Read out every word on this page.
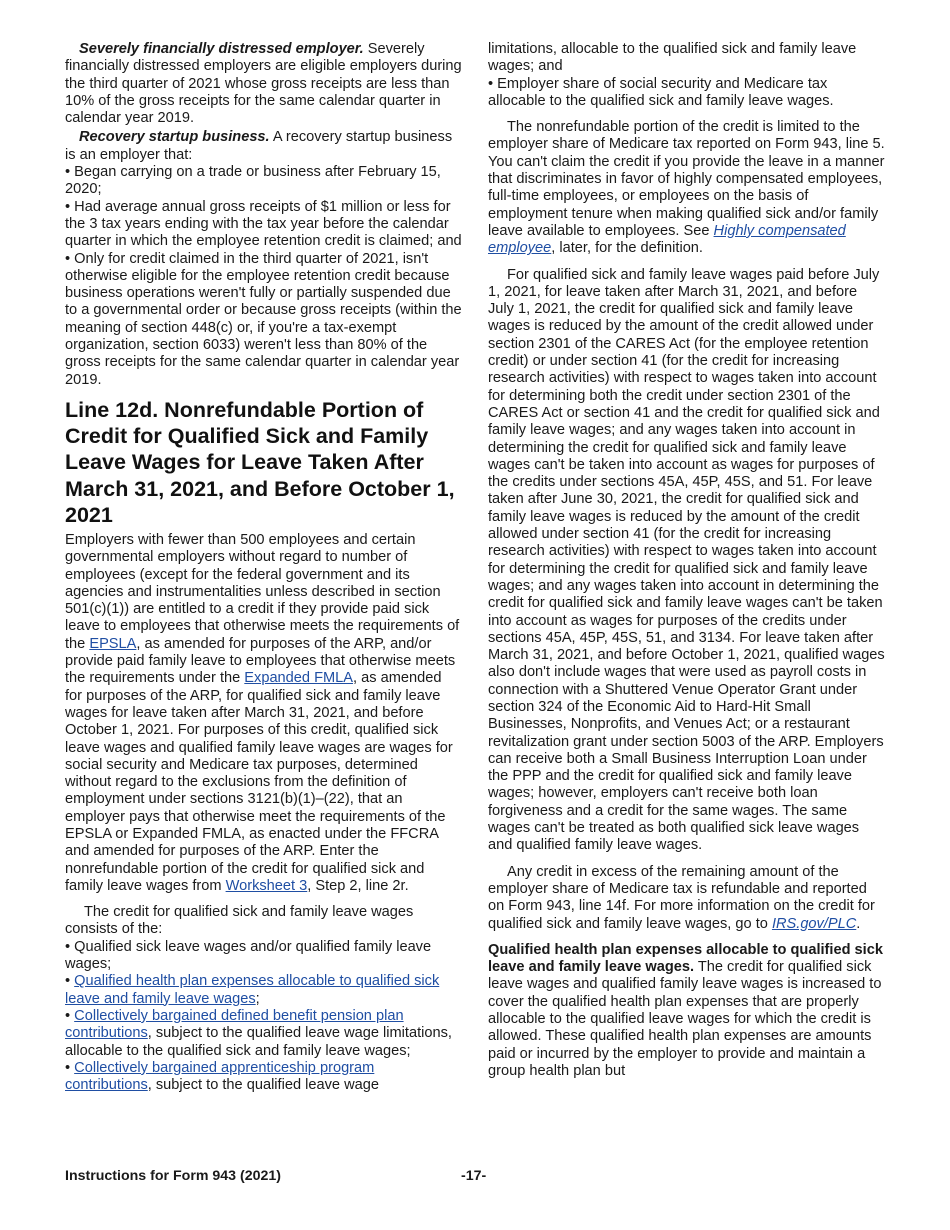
Severely financially distressed employer. Severely financially distressed employers are eligible employers during the third quarter of 2021 whose gross receipts are less than 10% of the gross receipts for the same calendar quarter in calendar year 2019.

Recovery startup business. A recovery startup business is an employer that:

• Began carrying on a trade or business after February 15, 2020;

• Had average annual gross receipts of $1 million or less for the 3 tax years ending with the tax year before the calendar quarter in which the employee retention credit is claimed; and

• Only for credit claimed in the third quarter of 2021, isn't otherwise eligible for the employee retention credit because business operations weren't fully or partially suspended due to a governmental order or because gross receipts (within the meaning of section 448(c) or, if you're a tax-exempt organization, section 6033) weren't less than 80% of the gross receipts for the same calendar quarter in calendar year 2019.

Line 12d. Nonrefundable Portion of Credit for Qualified Sick and Family Leave Wages for Leave Taken After March 31, 2021, and Before October 1, 2021

Employers with fewer than 500 employees and certain governmental employers without regard to number of employees (except for the federal government and its agencies and instrumentalities unless described in section 501(c)(1)) are entitled to a credit if they provide paid sick leave to employees that otherwise meets the requirements of the EPSLA, as amended for purposes of the ARP, and/or provide paid family leave to employees that otherwise meets the requirements under the Expanded FMLA, as amended for purposes of the ARP, for qualified sick and family leave wages for leave taken after March 31, 2021, and before October 1, 2021. For purposes of this credit, qualified sick leave wages and qualified family leave wages are wages for social security and Medicare tax purposes, determined without regard to the exclusions from the definition of employment under sections 3121(b)(1)–(22), that an employer pays that otherwise meet the requirements of the EPSLA or Expanded FMLA, as enacted under the FFCRA and amended for purposes of the ARP. Enter the nonrefundable portion of the credit for qualified sick and family leave wages from Worksheet 3, Step 2, line 2r.

The credit for qualified sick and family leave wages consists of the:

• Qualified sick leave wages and/or qualified family leave wages;

• Qualified health plan expenses allocable to qualified sick leave and family leave wages;

• Collectively bargained defined benefit pension plan contributions, subject to the qualified leave wage limitations, allocable to the qualified sick and family leave wages;

• Collectively bargained apprenticeship program contributions, subject to the qualified leave wage

limitations, allocable to the qualified sick and family leave wages; and

• Employer share of social security and Medicare tax allocable to the qualified sick and family leave wages.

The nonrefundable portion of the credit is limited to the employer share of Medicare tax reported on Form 943, line 5. You can't claim the credit if you provide the leave in a manner that discriminates in favor of highly compensated employees, full-time employees, or employees on the basis of employment tenure when making qualified sick and/or family leave available to employees. See Highly compensated employee, later, for the definition.

For qualified sick and family leave wages paid before July 1, 2021, for leave taken after March 31, 2021, and before July 1, 2021, the credit for qualified sick and family leave wages is reduced by the amount of the credit allowed under section 2301 of the CARES Act (for the employee retention credit) or under section 41 (for the credit for increasing research activities) with respect to wages taken into account for determining both the credit under section 2301 of the CARES Act or section 41 and the credit for qualified sick and family leave wages; and any wages taken into account in determining the credit for qualified sick and family leave wages can't be taken into account as wages for purposes of the credits under sections 45A, 45P, 45S, and 51. For leave taken after June 30, 2021, the credit for qualified sick and family leave wages is reduced by the amount of the credit allowed under section 41 (for the credit for increasing research activities) with respect to wages taken into account for determining the credit for qualified sick and family leave wages; and any wages taken into account in determining the credit for qualified sick and family leave wages can't be taken into account as wages for purposes of the credits under sections 45A, 45P, 45S, 51, and 3134. For leave taken after March 31, 2021, and before October 1, 2021, qualified wages also don't include wages that were used as payroll costs in connection with a Shuttered Venue Operator Grant under section 324 of the Economic Aid to Hard-Hit Small Businesses, Nonprofits, and Venues Act; or a restaurant revitalization grant under section 5003 of the ARP. Employers can receive both a Small Business Interruption Loan under the PPP and the credit for qualified sick and family leave wages; however, employers can't receive both loan forgiveness and a credit for the same wages. The same wages can't be treated as both qualified sick leave wages and qualified family leave wages.

Any credit in excess of the remaining amount of the employer share of Medicare tax is refundable and reported on Form 943, line 14f. For more information on the credit for qualified sick and family leave wages, go to IRS.gov/PLC.

Qualified health plan expenses allocable to qualified sick leave and family leave wages. The credit for qualified sick leave wages and qualified family leave wages is increased to cover the qualified health plan expenses that are properly allocable to the qualified leave wages for which the credit is allowed. These qualified health plan expenses are amounts paid or incurred by the employer to provide and maintain a group health plan but

Instructions for Form 943 (2021)	-17-
